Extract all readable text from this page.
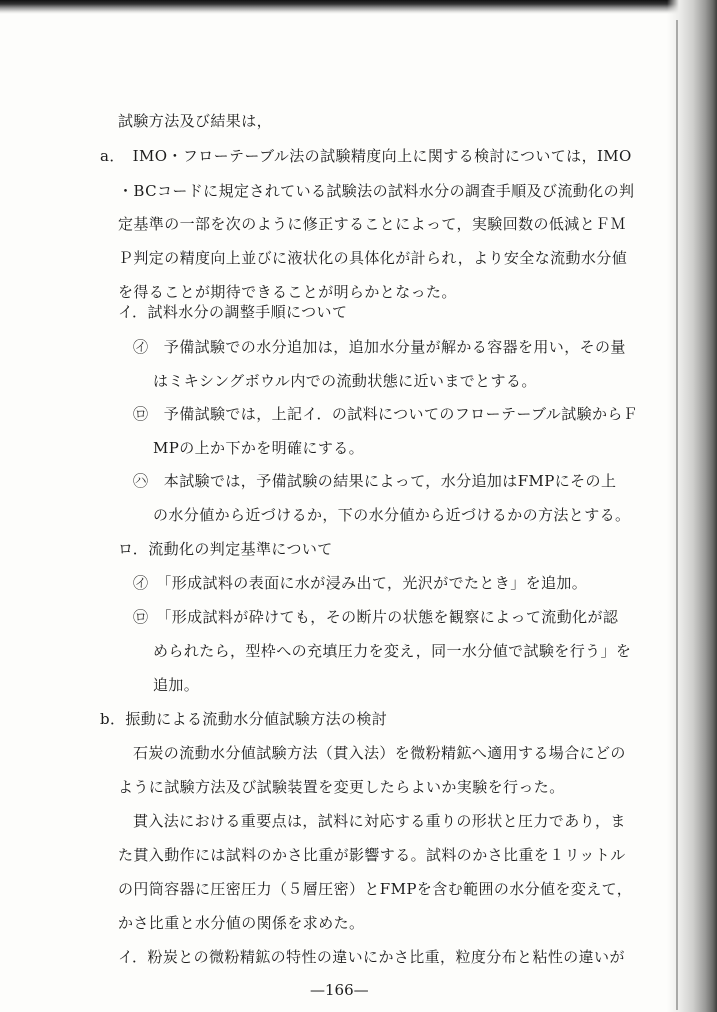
試験方法及び結果は，
a．　IMO・フローテーブル法の試験精度向上に関する検討については，IMO
・BCコードに規定されている試験法の試料水分の調査手順及び流動化の判
定基準の一部を次のように修正することによって，実験回数の低減とＦＭ
Ｐ判定の精度向上並びに液状化の具体化が計られ，より安全な流動水分値
を得ることが期待できることが明らかとなった。
イ．試料水分の調整手順について
㋑　予備試験での水分追加は，追加水分量が解かる容器を用い，その量
はミキシングボウル内での流動状態に近いまでとする。
㋺　予備試験では，上記イ．の試料についてのフローテーブル試験からＦ
MPの上か下かを明確にする。
㋩　本試験では，予備試験の結果によって，水分追加はFMPにその上
の水分値から近づけるか，下の水分値から近づけるかの方法とする。
ロ．流動化の判定基準について
㋑　「形成試料の表面に水が浸み出て，光沢がでたとき」を追加。
㋺　「形成試料が砕けても，その断片の状態を観察によって流動化が認
められたら，型枠への充填圧力を変え，同一水分値で試験を行う」を
追加。
b．振動による流動水分値試験方法の検討
石炭の流動水分値試験方法（貫入法）を微粉精鉱へ適用する場合にどの
ように試験方法及び試験装置を変更したらよいか実験を行った。
貫入法における重要点は，試料に対応する重りの形状と圧力であり，ま
た貫入動作には試料のかさ比重が影響する。試料のかさ比重を１リットル
の円筒容器に圧密圧力（５層圧密）とFMPを含む範囲の水分値を変えて，
かさ比重と水分値の関係を求めた。
イ．粉炭との微粉精鉱の特性の違いにかさ比重，粒度分布と粘性の違いが
—166—
